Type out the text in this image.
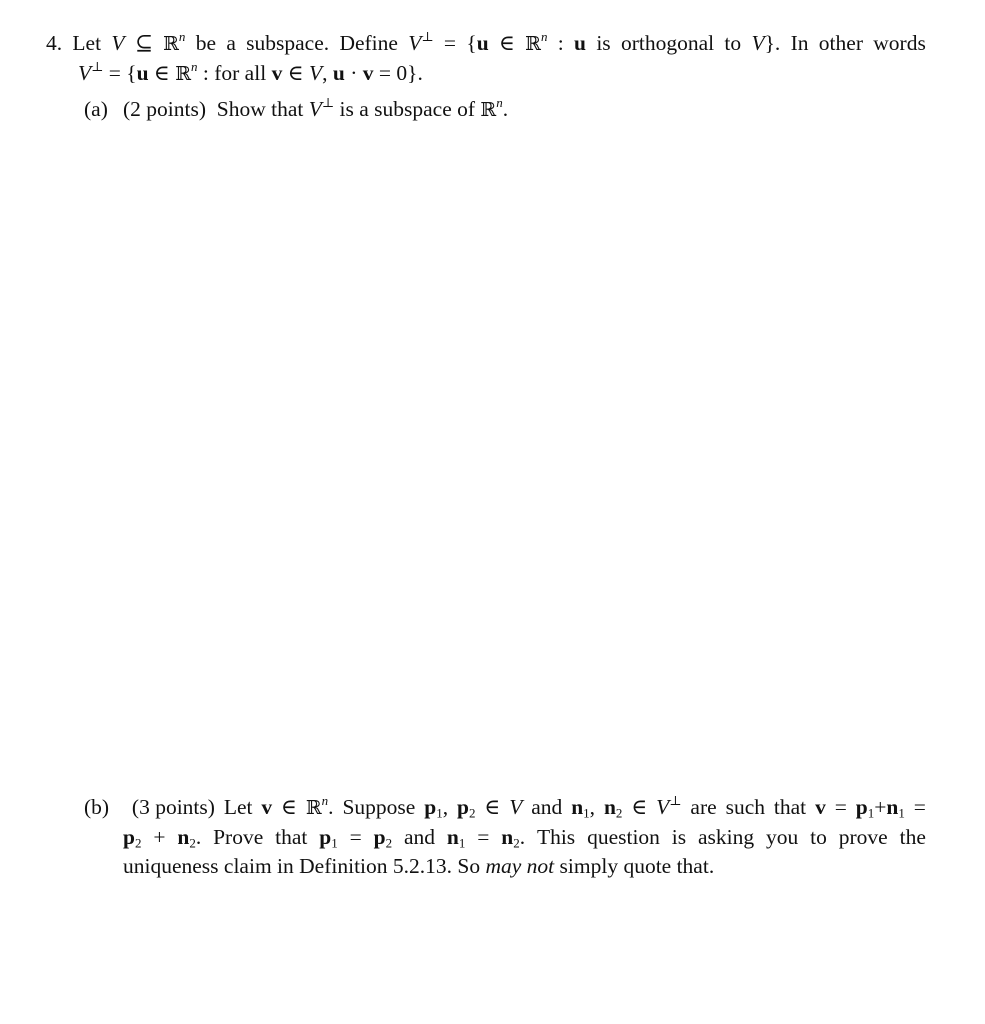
4. Let V ⊆ ℝ$^n$ be a subspace. Define V⊥ = {u ∈ ℝ$^n$ : u is orthogonal to V}. In other words
V⊥ = {u ∈ ℝ$^n$ : for all v ∈ V, u · v = 0}.
(a) (2 points) Show that V⊥ is a subspace of ℝ$^n$.
(b)	(3 points) Let v ∈ ℝ$^n$. Suppose $p_1$, $p_2$ ∈ V and $n_1$, $n_2$ ∈ V⊥ are such that $v = p_1+n_1$ =
$p_2 + n_2$. Prove that $p_1 = p_2$ and $n_1 = n_2$. This question is asking you to prove the
uniqueness claim in Definition 5.2.13. So may not simply quote that.
